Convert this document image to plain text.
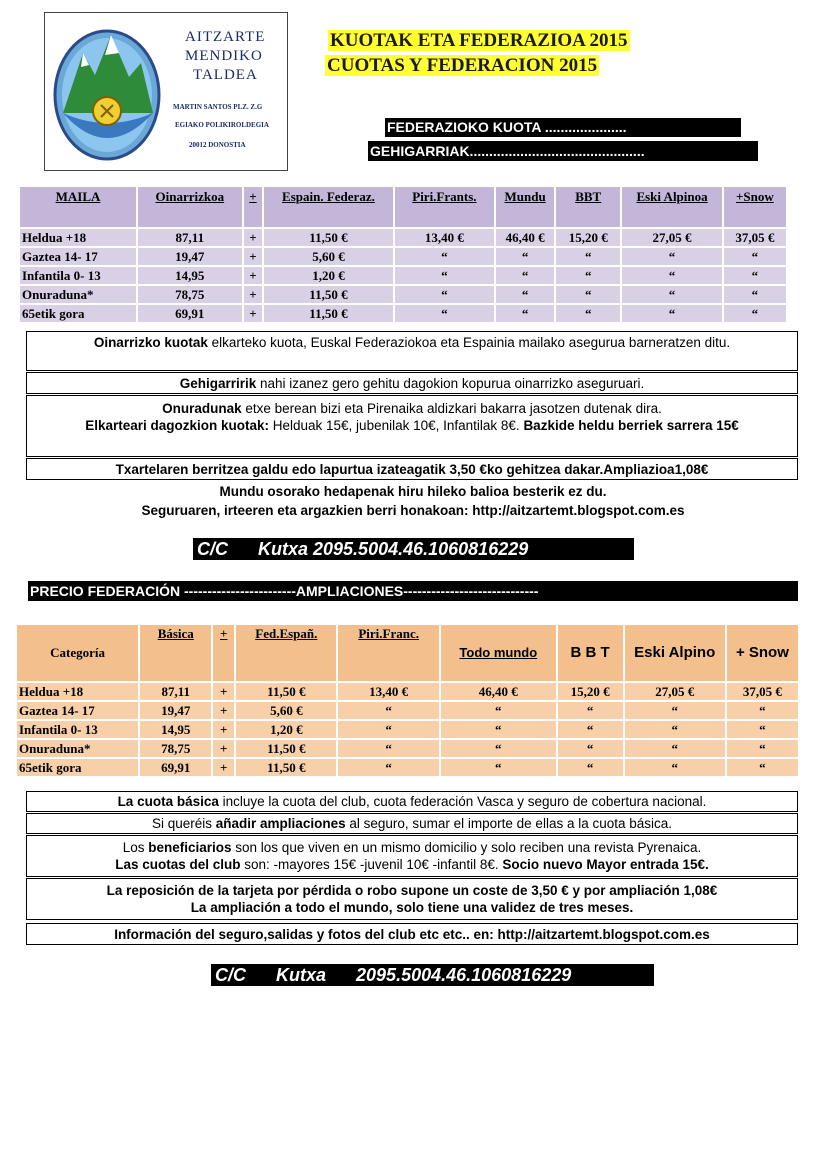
AITZARTE
MENDIKO
TALDEA
MARTIN SANTOS PLZ. Z.G
EGIAKO POLIKIROLDEGIA
20012 DONOSTIA
KUOTAK ETA FEDERAZIOA 2015
CUOTAS Y FEDERACION 2015
FEDERAZIOKO KUOTA .....................
GEHIGARRIAK.............................................
MAILA	Oinarrizkoa	+	Espain. Federaz.	Piri.Frants.	Mundu	BBT	Eski Alpinoa	+Snow
Heldua +18	87,11	+	11,50 €	13,40 €	46,40 €	15,20 €	27,05 €	37,05 €
Gaztea 14- 17	19,47	+	5,60 €	“	“	“	“	“
Infantila 0- 13	14,95	+	1,20 €	“	“	“	“	“
Onuraduna*	78,75	+	11,50 €	“	“	“	“	“
65etik gora	69,91	+	11,50 €	“	“	“	“	“
Oinarrizko kuotak elkarteko kuota, Euskal Federaziokoa eta Espainia mailako asegurua barneratzen ditu.
Gehigarririk nahi izanez gero gehitu dagokion kopurua oinarrizko aseguruari.
Onuradunak etxe berean bizi eta Pirenaika aldizkari bakarra jasotzen dutenak dira.
Elkarteari dagozkion kuotak: Helduak 15€, jubenilak 10€, Infantilak 8€. Bazkide heldu berriek sarrera 15€
Txartelaren berritzea galdu edo lapurtua izateagatik 3,50 €ko gehitzea dakar.Ampliazioa1,08€
Mundu osorako hedapenak hiru hileko balioa besterik ez du.
Seguruaren, irteeren eta argazkien berri honakoan: http://aitzartemt.blogspot.com.es
C/C      Kutxa 2095.5004.46.1060816229
PRECIO FEDERACIÓN ------------------------AMPLIACIONES-----------------------------
Categoría	Básica	+	Fed.Españ.	Piri.Franc.	Todo mundo	B B T	Eski Alpino	+ Snow
Heldua +18	87,11	+	11,50 €	13,40 €	46,40 €	15,20 €	27,05 €	37,05 €
Gaztea 14- 17	19,47	+	5,60 €	“	“	“	“	“
Infantila 0- 13	14,95	+	1,20 €	“	“	“	“	“
Onuraduna*	78,75	+	11,50 €	“	“	“	“	“
65etik gora	69,91	+	11,50 €	“	“	“	“	“
La cuota básica incluye la cuota del club, cuota federación Vasca y seguro de cobertura nacional.
Si queréis añadir ampliaciones al seguro, sumar el importe de ellas a la cuota básica.
Los beneficiarios son los que viven en un mismo domicilio y solo reciben una revista Pyrenaica.
Las cuotas del club son: -mayores 15€ -juvenil 10€ -infantil 8€. Socio nuevo Mayor entrada 15€.
La reposición de la tarjeta por pérdida o robo supone un coste de 3,50 € y por ampliación 1,08€
La ampliación a todo el mundo, solo tiene una validez de tres meses.
Información del seguro,salidas y fotos del club etc etc.. en: http://aitzartemt.blogspot.com.es
C/C      Kutxa      2095.5004.46.1060816229
